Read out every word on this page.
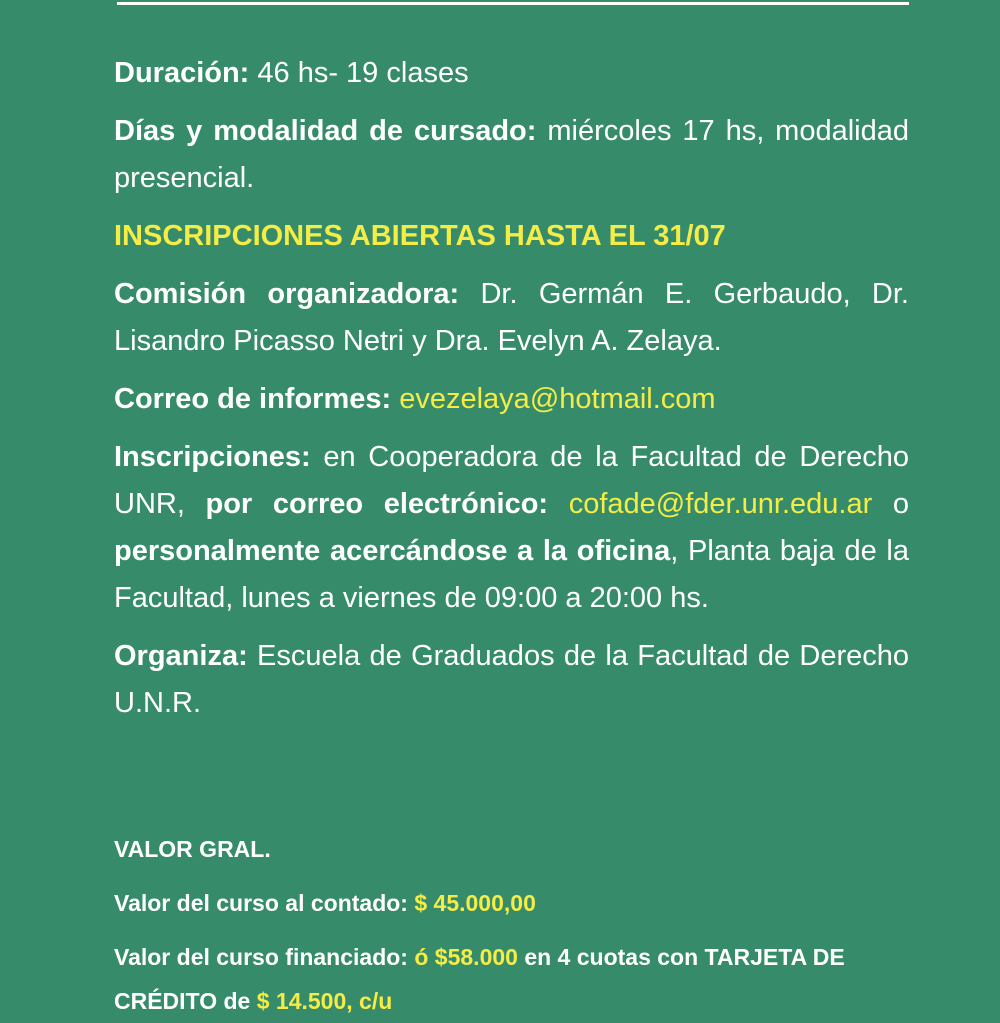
Duración: 46 hs- 19 clases

Días y modalidad de cursado: miércoles 17 hs, modalidad presencial.

INSCRIPCIONES ABIERTAS HASTA EL 31/07

Comisión organizadora: Dr. Germán E. Gerbaudo, Dr. Lisandro Picasso Netri y Dra. Evelyn A. Zelaya.

Correo de informes: evezelaya@hotmail.com

Inscripciones: en Cooperadora de la Facultad de Derecho UNR, por correo electrónico: cofade@fder.unr.edu.ar o personalmente acercándose a la oficina, Planta baja de la Facultad, lunes a viernes de 09:00 a 20:00 hs.

Organiza: Escuela de Graduados de la Facultad de Derecho U.N.R.

VALOR GRAL.

Valor del curso al contado: $ 45.000,00

Valor del curso financiado: ó $58.000 en 4 cuotas con TARJETA DE CRÉDITO de $ 14.500, c/u
